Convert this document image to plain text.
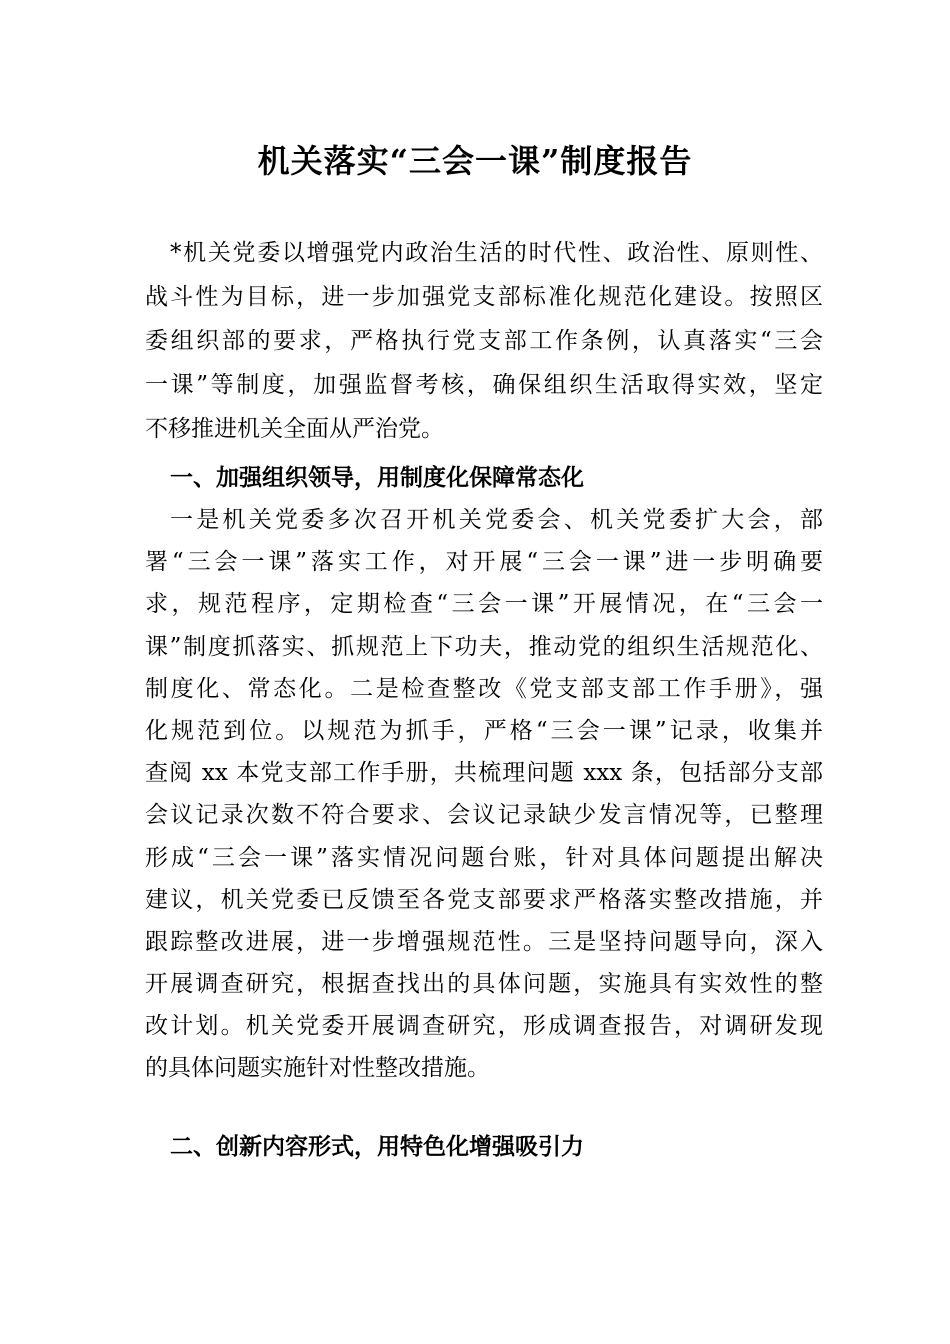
机关落实“三会一课”制度报告
*机关党委以增强党内政治生活的时代性、政治性、原则性、
战斗性为目标，进一步加强党支部标准化规范化建设。按照区
委组织部的要求，严格执行党支部工作条例，认真落实“三会
一课”等制度，加强监督考核，确保组织生活取得实效，坚定
不移推进机关全面从严治党。
一、加强组织领导，用制度化保障常态化
一是机关党委多次召开机关党委会、机关党委扩大会，部
署“三会一课”落实工作，对开展“三会一课”进一步明确要
求，规范程序，定期检查“三会一课”开展情况，在“三会一
课”制度抓落实、抓规范上下功夫，推动党的组织生活规范化、
制度化、常态化。二是检查整改《党支部支部工作手册》，强
化规范到位。以规范为抓手，严格“三会一课”记录，收集并
查阅 xx 本党支部工作手册，共梳理问题 xxx 条，包括部分支部
会议记录次数不符合要求、会议记录缺少发言情况等，已整理
形成“三会一课”落实情况问题台账，针对具体问题提出解决
建议，机关党委已反馈至各党支部要求严格落实整改措施，并
跟踪整改进展，进一步增强规范性。三是坚持问题导向，深入
开展调查研究，根据查找出的具体问题，实施具有实效性的整
改计划。机关党委开展调查研究，形成调查报告，对调研发现
的具体问题实施针对性整改措施。
二、创新内容形式，用特色化增强吸引力
